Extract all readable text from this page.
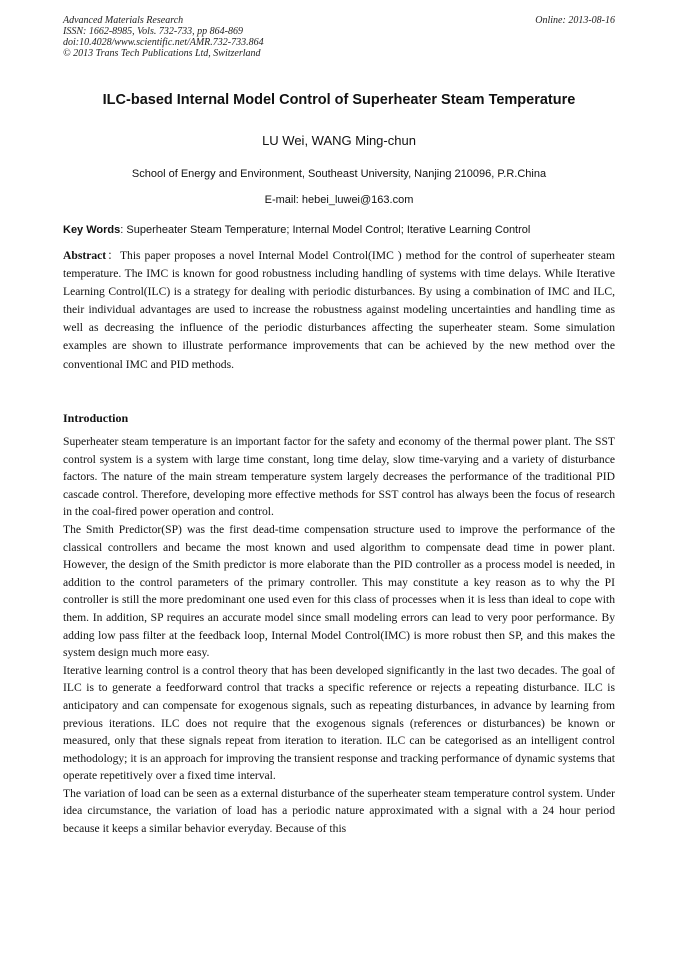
Advanced Materials Research
ISSN: 1662-8985, Vols. 732-733, pp 864-869
doi:10.4028/www.scientific.net/AMR.732-733.864
© 2013 Trans Tech Publications Ltd, Switzerland
Online: 2013-08-16
ILC-based Internal Model Control of Superheater Steam Temperature
LU Wei, WANG Ming-chun
School of Energy and Environment, Southeast University, Nanjing 210096, P.R.China
E-mail: hebei_luwei@163.com
Key Words: Superheater Steam Temperature; Internal Model Control; Iterative Learning Control

Abstract：This paper proposes a novel Internal Model Control(IMC ) method for the control of superheater steam temperature. The IMC is known for good robustness including handling of systems with time delays. While Iterative Learning Control(ILC) is a strategy for dealing with periodic disturbances. By using a combination of IMC and ILC, their individual advantages are used to increase the robustness against modeling uncertainties and handling time as well as decreasing the influence of the periodic disturbances affecting the superheater steam. Some simulation examples are shown to illustrate performance improvements that can be achieved by the new method over the conventional IMC and PID methods.

Introduction

Superheater steam temperature is an important factor for the safety and economy of the thermal power plant. The SST control system is a system with large time constant, long time delay, slow time-varying and a variety of disturbance factors. The nature of the main stream temperature system largely decreases the performance of the traditional PID cascade control. Therefore, developing more effective methods for SST control has always been the focus of research in the coal-fired power operation and control.

The Smith Predictor(SP) was the first dead-time compensation structure used to improve the performance of the classical controllers and became the most known and used algorithm to compensate dead time in power plant. However, the design of the Smith predictor is more elaborate than the PID controller as a process model is needed, in addition to the control parameters of the primary controller. This may constitute a key reason as to why the PI controller is still the more predominant one used even for this class of processes when it is less than ideal to cope with them. In addition, SP requires an accurate model since small modeling errors can lead to very poor performance. By adding low pass filter at the feedback loop, Internal Model Control(IMC) is more robust then SP, and this makes the system design much more easy.

Iterative learning control is a control theory that has been developed significantly in the last two decades. The goal of ILC is to generate a feedforward control that tracks a specific reference or rejects a repeating disturbance. ILC is anticipatory and can compensate for exogenous signals, such as repeating disturbances, in advance by learning from previous iterations. ILC does not require that the exogenous signals (references or disturbances) be known or measured, only that these signals repeat from iteration to iteration. ILC can be categorised as an intelligent control methodology; it is an approach for improving the transient response and tracking performance of dynamic systems that operate repetitively over a fixed time interval.

The variation of load can be seen as a external disturbance of the superheater steam temperature control system. Under idea circumstance, the variation of load has a periodic nature approximated with a signal with a 24 hour period because it keeps a similar behavior everyday. Because of this
